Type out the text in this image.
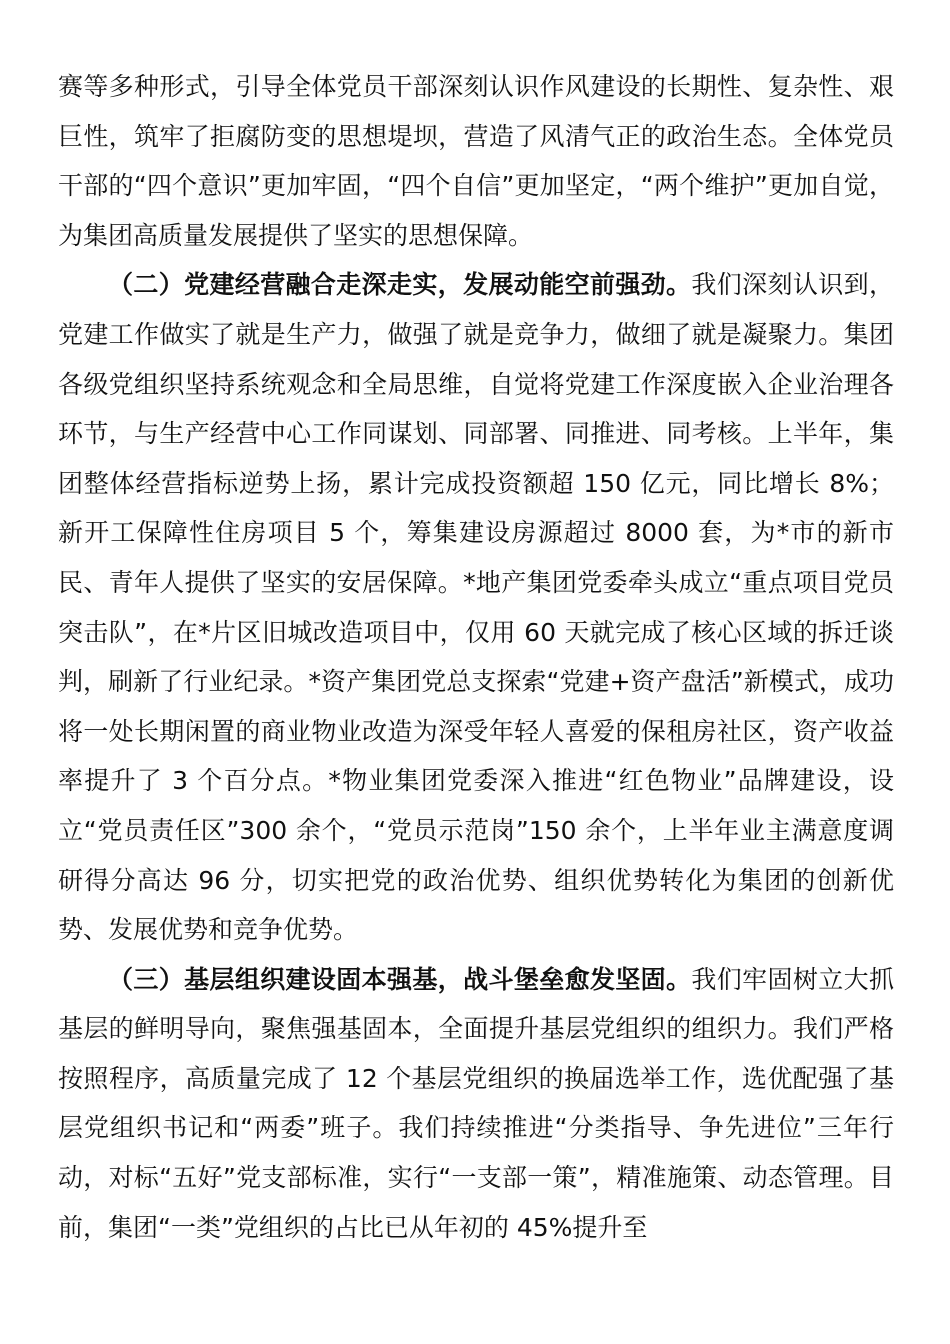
赛等多种形式，引导全体党员干部深刻认识作风建设的长期性、复杂性、艰巨性，筑牢了拒腐防变的思想堤坝，营造了风清气正的政治生态。全体党员干部的“四个意识”更加牢固，“四个自信”更加坚定，“两个维护”更加自觉，为集团高质量发展提供了坚实的思想保障。

（二）党建经营融合走深走实，发展动能空前强劲。我们深刻认识到，党建工作做实了就是生产力，做强了就是竞争力，做细了就是凝聚力。集团各级党组织坚持系统观念和全局思维，自觉将党建工作深度嵌入企业治理各环节，与生产经营中心工作同谋划、同部署、同推进、同考核。上半年，集团整体经营指标逆势上扬，累计完成投资额超 150 亿元，同比增长 8%；新开工保障性住房项目 5 个，筹集建设房源超过 8000 套，为*市的新市民、青年人提供了坚实的安居保障。*地产集团党委牵头成立“重点项目党员突击队”，在*片区旧城改造项目中，仅用 60 天就完成了核心区域的拆迁谈判，刷新了行业纪录。*资产集团党总支探索“党建+资产盘活”新模式，成功将一处长期闲置的商业物业改造为深受年轻人喜爱的保租房社区，资产收益率提升了 3 个百分点。*物业集团党委深入推进“红色物业”品牌建设，设立“党员责任区”300 余个，“党员示范岗”150 余个，上半年业主满意度调研得分高达 96 分，切实把党的政治优势、组织优势转化为集团的创新优势、发展优势和竞争优势。

（三）基层组织建设固本强基，战斗堡垒愈发坚固。我们牢固树立大抓基层的鲜明导向，聚焦强基固本，全面提升基层党组织的组织力。我们严格按照程序，高质量完成了 12 个基层党组织的换届选举工作，选优配强了基层党组织书记和“两委”班子。我们持续推进“分类指导、争先进位”三年行动，对标“五好”党支部标准，实行“一支部一策”，精准施策、动态管理。目前，集团“一类”党组织的占比已从年初的 45%提升至
